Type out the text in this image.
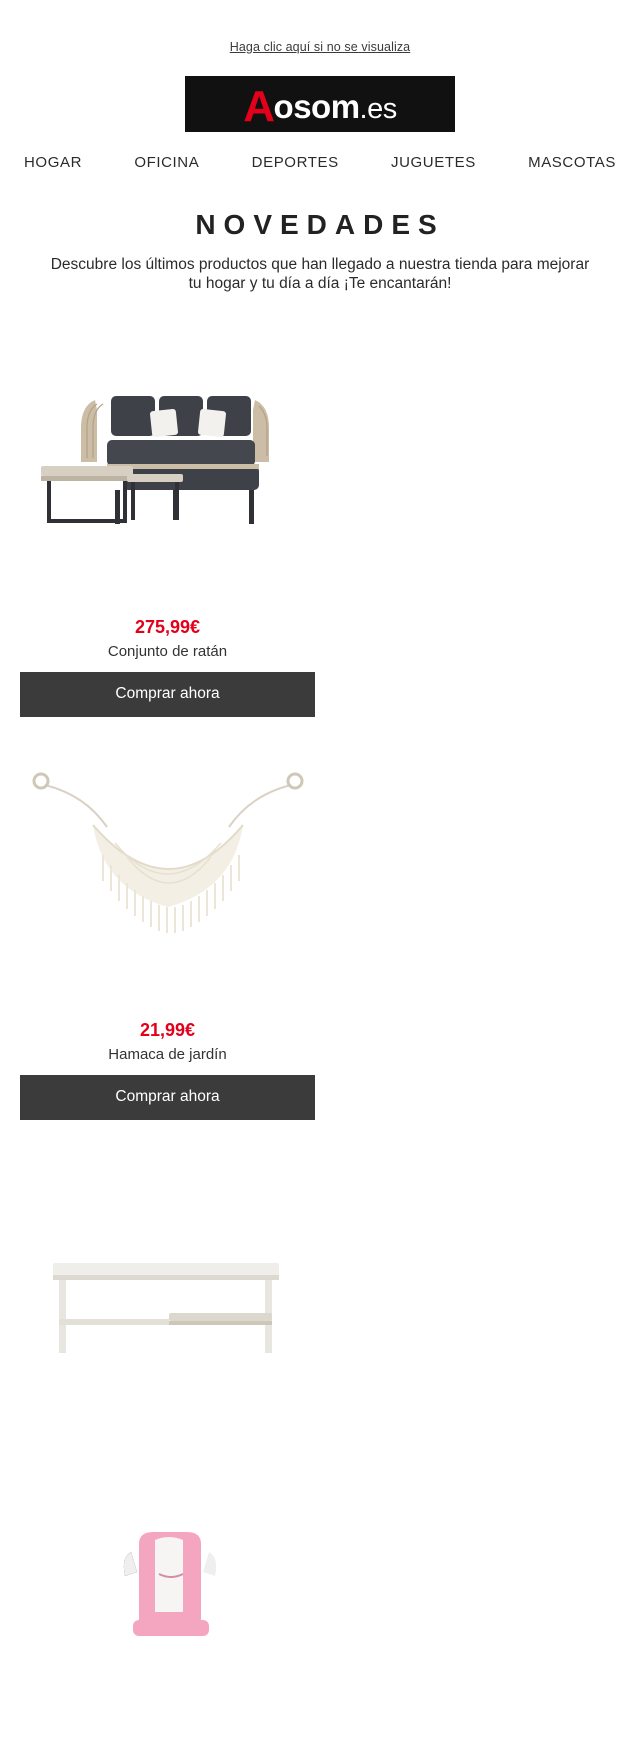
Haga clic aquí si no se visualiza
Aosom.es
HOGAR	OFICINA	DEPORTES	JUGUETES	MASCOTAS
NOVEDADES
Descubre los últimos productos que han llegado a nuestra tienda para mejorar tu hogar y tu día a día ¡Te encantarán!
275,99€
Conjunto de ratán
Comprar ahora
21,99€
Hamaca de jardín
Comprar ahora
